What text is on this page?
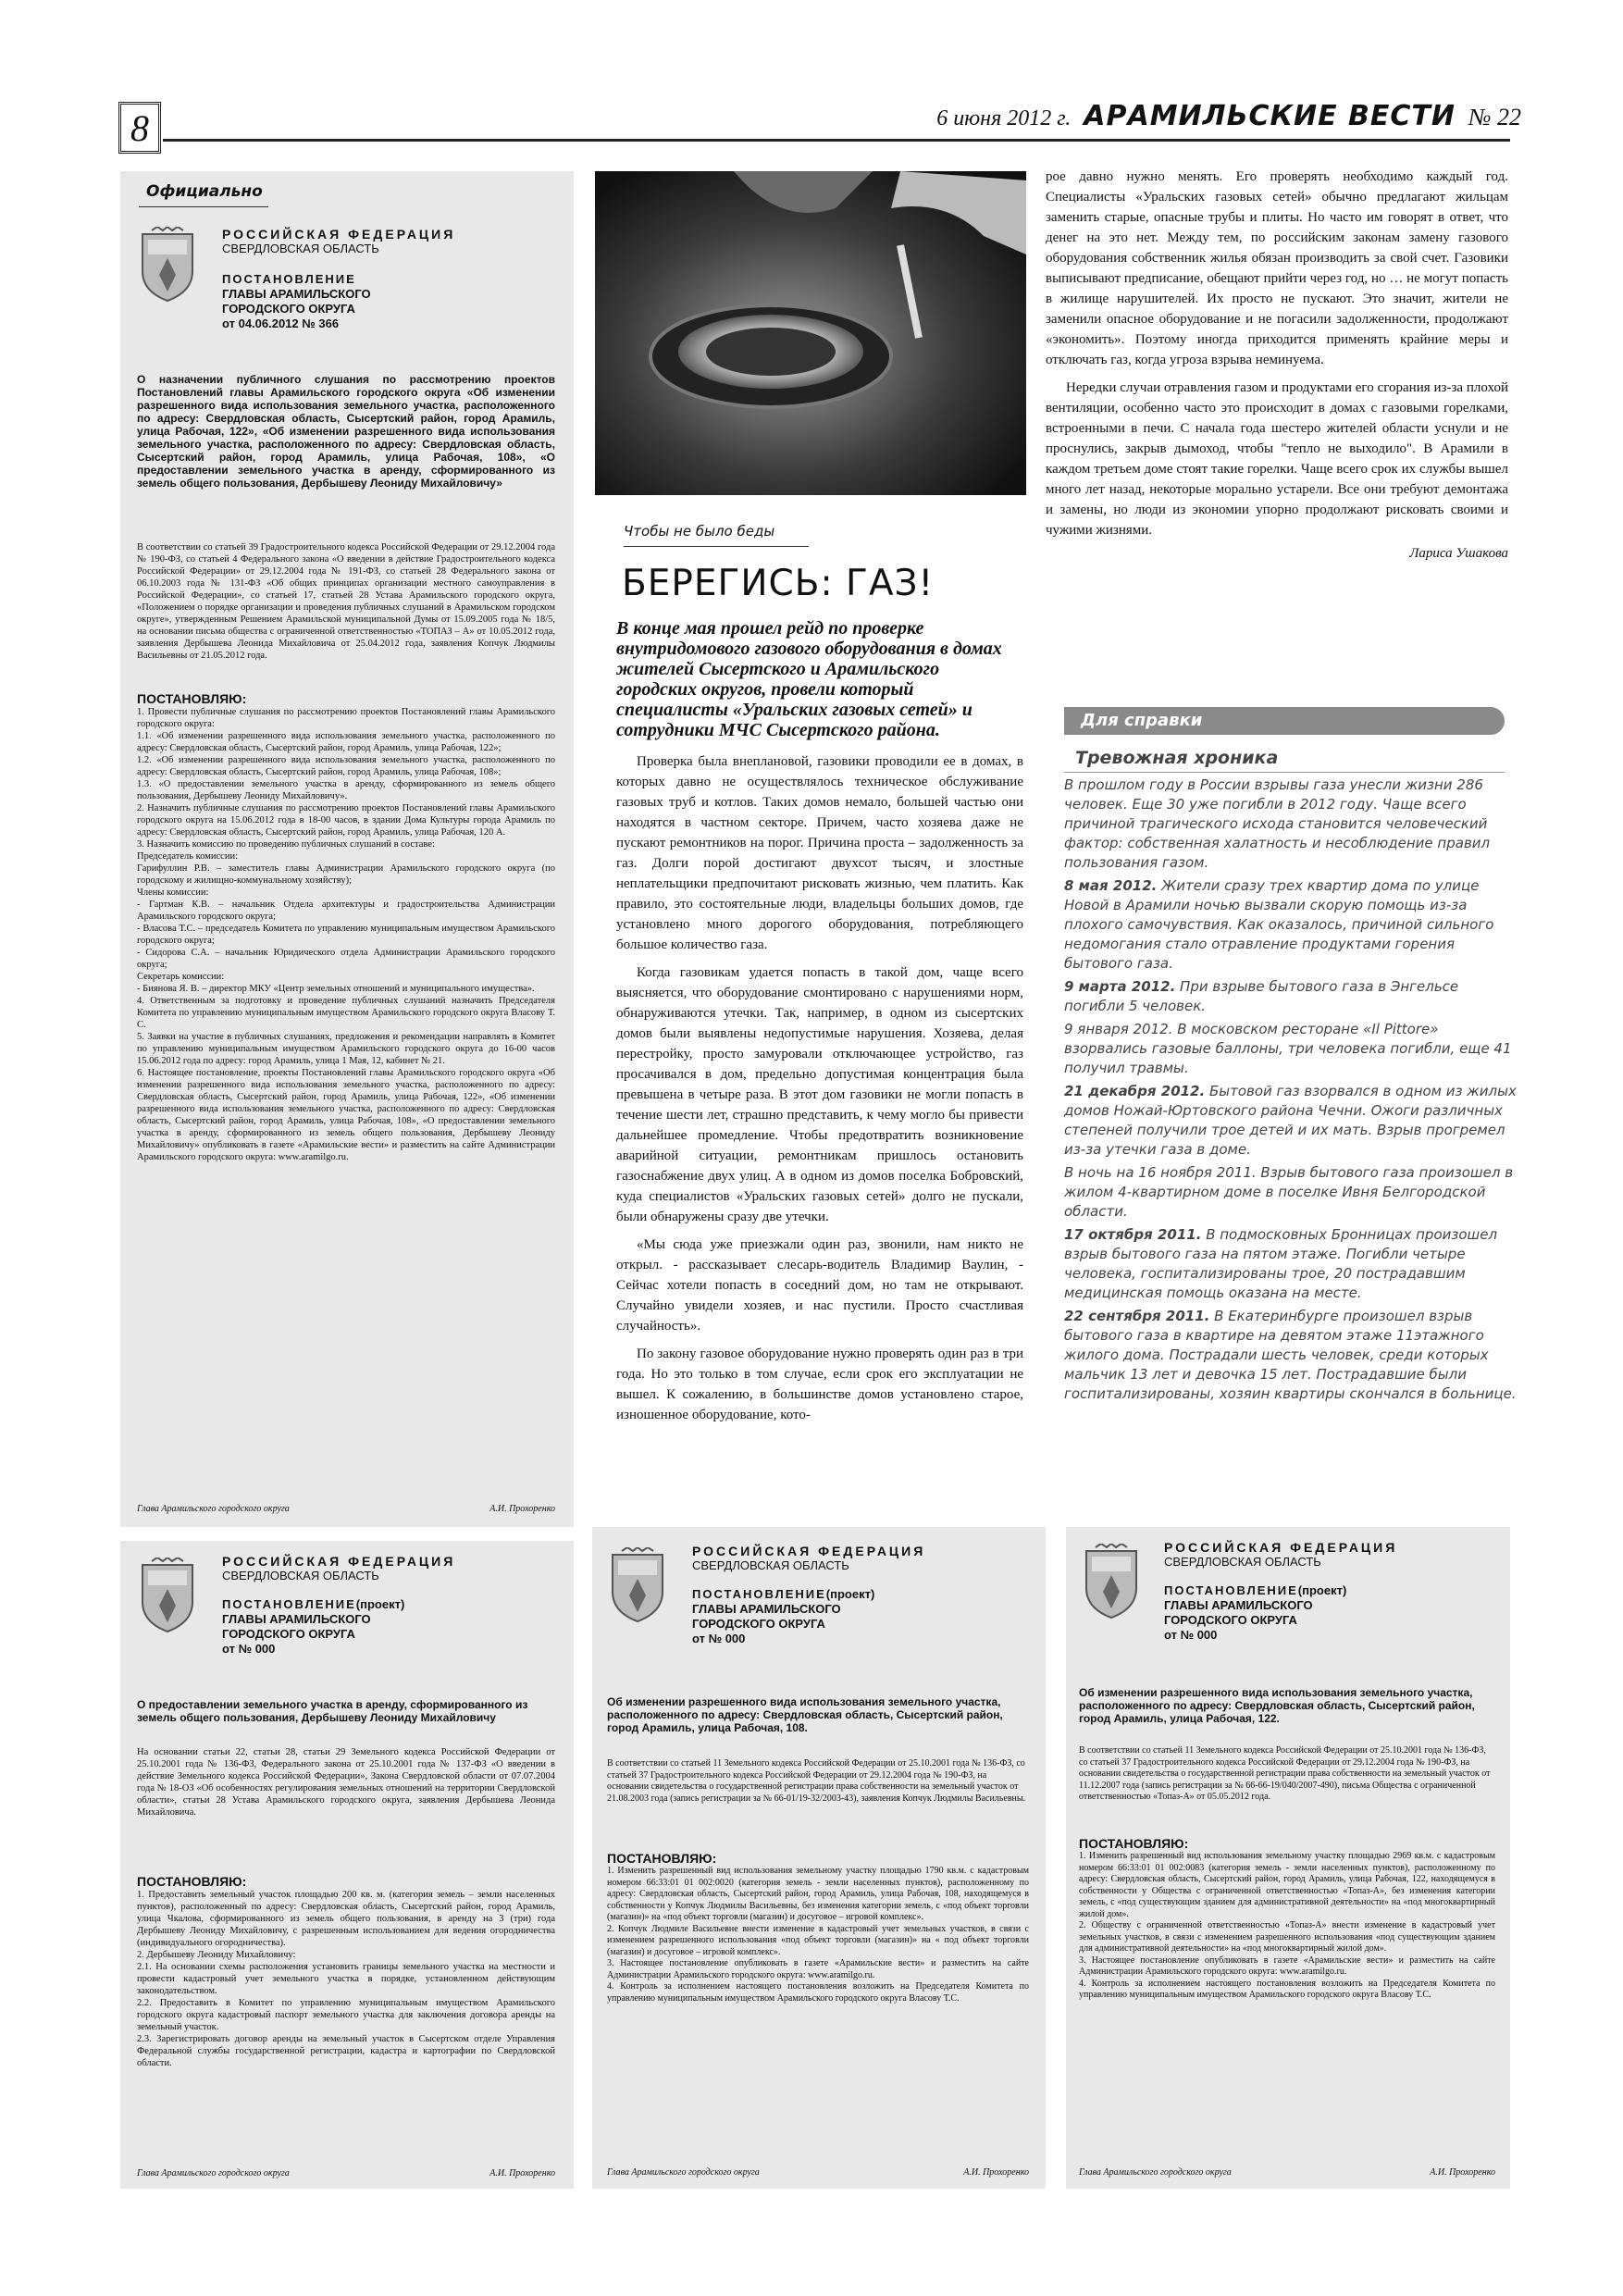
8	6 июня 2012 г. АРАМИЛЬСКИЕ ВЕСТИ № 22
Официально
РОССИЙСКАЯ ФЕДЕРАЦИЯ
СВЕРДЛОВСКАЯ ОБЛАСТЬ
ПОСТАНОВЛЕНИЕ
ГЛАВЫ АРАМИЛЬСКОГО ГОРОДСКОГО ОКРУГА
от 04.06.2012 № 366
О назначении публичного слушания по рассмотрению проектов Постановлений главы Арамильского городского округа «Об изменении разрешенного вида использования земельного участка, расположенного по адресу: Свердловская область, Сысертский район, город Арамиль, улица Рабочая, 122», «Об изменении разрешенного вида использования земельного участка, расположенного по адресу: Свердловская область, Сысертский район, город Арамиль, улица Рабочая, 108», «О предоставлении земельного участка в аренду, сформированного из земель общего пользования, Дербышеву Леониду Михайловичу»
В соответствии со статьей 39 Градостроительного кодекса Российской Федерации от 29.12.2004 года № 190-ФЗ, со статьей 4 Федерального закона «О введении в действие Градостроительного кодекса Российской Федерации» от 29.12.2004 года № 191-ФЗ, со статьей 28 Федерального закона от 06.10.2003 года № 131-ФЗ «Об общих принципах организации местного самоуправления в Российской Федерации», со статьей 17, статьей 28 Устава Арамильского городского округа, «Положением о порядке организации и проведения публичных слушаний в Арамильском городском округе», утвержденным Решением Арамильской муниципальной Думы от 15.09.2005 года № 18/5, на основании письма общества с ограниченной ответственностью «ТОПАЗ – А» от 10.05.2012 года, заявления Дербышева Леонида Михайловича от 25.04.2012 года, заявления Копчук Людмилы Васильевны от 21.05.2012 года.
ПОСТАНОВЛЯЮ:
1. Провести публичные слушания по рассмотрению проектов Постановлений главы Арамильского городского округа:
1.1. «Об изменении разрешенного вида использования земельного участка, расположенного по адресу: Свердловская область, Сысертский район, город Арамиль, улица Рабочая, 122»;
1.2. «Об изменении разрешенного вида использования земельного участка, расположенного по адресу: Свердловская область, Сысертский район, город Арамиль, улица Рабочая, 108»;
1.3. «О предоставлении земельного участка в аренду, сформированного из земель общего пользования, Дербышеву Леониду Михайловичу».
2. Назначить публичные слушания по рассмотрению проектов Постановлений главы Арамильского городского округа на 15.06.2012 года в 18-00 часов, в здании Дома Культуры города Арамиль по адресу: Свердловская область, Сысертский район, город Арамиль, улица Рабочая, 120 А.
3. Назначить комиссию по проведению публичных слушаний в составе:
Председатель комиссии:
Гарифуллин Р.В. – заместитель главы Администрации Арамильского городского округа (по городскому и жилищно-коммунальному хозяйству);
Члены комиссии:
- Гартман К.В. – начальник Отдела архитектуры и градостроительства Администрации Арамильского городского округа;
- Власова Т.С. – председатель Комитета по управлению муниципальным имуществом Арамильского городского округа;
- Сидорова С.А. – начальник Юридического отдела Администрации Арамильского городского округа;
Секретарь комиссии:
- Биянова Я. В. – директор МКУ «Центр земельных отношений и муниципального имущества».
4. Ответственным за подготовку и проведение публичных слушаний назначить Председателя Комитета по управлению муниципальным имуществом Арамильского городского округа Власову Т. С.
5. Заявки на участие в публичных слушаниях, предложения и рекомендации направлять в Комитет по управлению муниципальным имуществом Арамильского городского округа до 16-00 часов 15.06.2012 года по адресу: город Арамиль, улица 1 Мая, 12, кабинет № 21.
6. Настоящее постановление, проекты Постановлений главы Арамильского городского округа «Об изменении разрешенного вида использования земельного участка, расположенного по адресу: Свердловская область, Сысертский район, город Арамиль, улица Рабочая, 122», «Об изменении разрешенного вида использования земельного участка, расположенного по адресу: Свердловская область, Сысертский район, город Арамиль, улица Рабочая, 108», «О предоставлении земельного участка в аренду, сформированного из земель общего пользования, Дербышеву Леониду Михайловичу» опубликовать в газете «Арамильские вести» и разместить на сайте Администрации Арамильского городского округа: www.aramilgo.ru.
Глава Арамильского городского округа	А.И. Прохоренко
Чтобы не было беды
БЕРЕГИСЬ: ГАЗ!
В конце мая прошел рейд по проверке внутридомового газового оборудования в домах жителей Сысертского и Арамильского городских округов, провели который специалисты «Уральских газовых сетей» и сотрудники МЧС Сысертского района.

Проверка была внеплановой, газовики проводили ее в домах, в которых давно не осуществлялось техническое обслуживание газовых труб и котлов. Таких домов немало, большей частью они находятся в частном секторе. Причем, часто хозяева даже не пускают ремонтников на порог. Причина проста – задолженность за газ. Долги порой достигают двухсот тысяч, и злостные неплательщики предпочитают рисковать жизнью, чем платить. Как правило, это состоятельные люди, владельцы больших домов, где установлено много дорогого оборудования, потребляющего большое количество газа.

Когда газовикам удается попасть в такой дом, чаще всего выясняется, что оборудование смонтировано с нарушениями норм, обнаруживаются утечки. Так, например, в одном из сысертских домов были выявлены недопустимые нарушения. Хозяева, делая перестройку, просто замуровали отключающее устройство, газ просачивался в дом, предельно допустимая концентрация была превышена в четыре раза. В этот дом газовики не могли попасть в течение шести лет, страшно представить, к чему могло бы привести дальнейшее промедление. Чтобы предотвратить возникновение аварийной ситуации, ремонтникам пришлось остановить газоснабжение двух улиц. А в одном из домов поселка Бобровский, куда специалистов «Уральских газовых сетей» долго не пускали, были обнаружены сразу две утечки.

«Мы сюда уже приезжали один раз, звонили, нам никто не открыл. - рассказывает слесарь-водитель Владимир Ваулин, - Сейчас хотели попасть в соседний дом, но там не открывают. Случайно увидели хозяев, и нас пустили. Просто счастливая случайность».

По закону газовое оборудование нужно проверять один раз в три года. Но это только в том случае, если срок его эксплуатации не вышел. К сожалению, в большинстве домов установлено старое, изношенное оборудование, кото-

рое давно нужно менять. Его проверять необходимо каждый год. Специалисты «Уральских газовых сетей» обычно предлагают жильцам заменить старые, опасные трубы и плиты. Но часто им говорят в ответ, что денег на это нет. Между тем, по российским законам замену газового оборудования собственник жилья обязан производить за свой счет. Газовики выписывают предписание, обещают прийти через год, но … не могут попасть в жилище нарушителей. Их просто не пускают. Это значит, жители не заменили опасное оборудование и не погасили задолженности, продолжают «экономить». Поэтому иногда приходится применять крайние меры и отключать газ, когда угроза взрыва неминуема.

Нередки случаи отравления газом и продуктами его сгорания из-за плохой вентиляции, особенно часто это происходит в домах с газовыми горелками, встроенными в печи. С начала года шестеро жителей области уснули и не проснулись, закрыв дымоход, чтобы "тепло не выходило". В Арамили в каждом третьем доме стоят такие горелки. Чаще всего срок их службы вышел много лет назад, некоторые морально устарели. Все они требуют демонтажа и замены, но люди из экономии упорно продолжают рисковать своими и чужими жизнями.

Лариса Ушакова
Для справки
Тревожная хроника
В прошлом году в России взрывы газа унесли жизни 286 человек. Еще 30 уже погибли в 2012 году. Чаще всего причиной трагического исхода становится человеческий фактор: собственная халатность и несоблюдение правил пользования газом.
8 мая 2012. Жители сразу трех квартир дома по улице Новой в Арамили ночью вызвали скорую помощь из-за плохого самочувствия. Как оказалось, причиной сильного недомогания стало отравление продуктами горения бытового газа.
9 марта 2012. При взрыве бытового газа в Энгельсе погибли 5 человек.
9 января 2012. В московском ресторане «Il Pittore» взорвались газовые баллоны, три человека погибли, еще 41 получил травмы.
21 декабря 2012. Бытовой газ взорвался в одном из жилых домов Ножай-Юртовского района Чечни. Ожоги различных степеней получили трое детей и их мать. Взрыв прогремел из-за утечки газа в доме.
В ночь на 16 ноября 2011. Взрыв бытового газа произошел в жилом 4-квартирном доме в поселке Ивня Белгородской области.
17 октября 2011. В подмосковных Бронницах произошел взрыв бытового газа на пятом этаже. Погибли четыре человека, госпитализированы трое, 20 пострадавшим медицинская помощь оказана на месте.
22 сентября 2011. В Екатеринбурге произошел взрыв бытового газа в квартире на девятом этаже 11этажного жилого дома. Пострадали шесть человек, среди которых мальчик 13 лет и девочка 15 лет. Пострадавшие были госпитализированы, хозяин квартиры скончался в больнице.
РОССИЙСКАЯ ФЕДЕРАЦИЯ
СВЕРДЛОВСКАЯ ОБЛАСТЬ
ПОСТАНОВЛЕНИЕ(проект)
ГЛАВЫ АРАМИЛЬСКОГО ГОРОДСКОГО ОКРУГА
от № 000
О предоставлении земельного участка в аренду, сформированного из земель общего пользования, Дербышеву Леониду Михайловичу
На основании статьи 22, статьи 28, статьи 29 Земельного кодекса Российской Федерации от 25.10.2001 года № 136-ФЗ, Федерального закона от 25.10.2001 года № 137-ФЗ «О введении в действие Земельного кодекса Российской Федерации», Закона Свердловской области от 07.07.2004 года № 18-ОЗ «Об особенностях регулирования земельных отношений на территории Свердловской области», статьи 28 Устава Арамильского городского округа, заявления Дербышева Леонида Михайловича.
ПОСТАНОВЛЯЮ:
1. Предоставить земельный участок площадью 200 кв. м. (категория земель – земли населенных пунктов), расположенный по адресу: Свердловская область, Сысертский район, город Арамиль, улица Чкалова, сформированного из земель общего пользования, в аренду на 3 (три) года Дербышеву Леониду Михайловичу, с разрешенным использованием для ведения огородничества (индивидуального огородничества).
2. Дербышеву Леониду Михайловичу:
2.1. На основании схемы расположения установить границы земельного участка на местности и провести кадастровый учет земельного участка в порядке, установленном действующим законодательством.
2.2. Предоставить в Комитет по управлению муниципальным имуществом Арамильского городского округа кадастровый паспорт земельного участка для заключения договора аренды на земельный участок.
2.3. Зарегистрировать договор аренды на земельный участок в Сысертском отделе Управления Федеральной службы государственной регистрации, кадастра и картографии по Свердловской области.
Глава Арамильского городского округа	А.И. Прохоренко
РОССИЙСКАЯ ФЕДЕРАЦИЯ
СВЕРДЛОВСКАЯ ОБЛАСТЬ
ПОСТАНОВЛЕНИЕ(проект)
ГЛАВЫ АРАМИЛЬСКОГО ГОРОДСКОГО ОКРУГА
от № 000
Об изменении разрешенного вида использования земельного участка, расположенного по адресу: Свердловская область, Сысертский район, город Арамиль, улица Рабочая, 108.
В соответствии со статьей 11 Земельного кодекса Российской Федерации от 25.10.2001 года № 136-ФЗ, со статьей 37 Градостроительного кодекса Российской Федерации от 29.12.2004 года № 190-ФЗ, на основании свидетельства о государственной регистрации права собственности на земельный участок от 21.08.2003 года (запись регистрации за № 66-01/19-32/2003-43), заявления Копчук Людмилы Васильевны.
ПОСТАНОВЛЯЮ:
1. Изменить разрешенный вид использования земельному участку площадью 1790 кв.м. с кадастровым номером 66:33:01 01 002:0020 (категория земель - земли населенных пунктов), расположенному по адресу: Свердловская область, Сысертский район, город Арамиль, улица Рабочая, 108, находящемуся в собственности у Копчук Людмилы Васильевны, без изменения категории земель, с «под объект торговли (магазин)» на «под объект торговли (магазин) и досуговое – игровой комплекс».
2. Копчук Людмиле Васильевне внести изменение в кадастровый учет земельных участков, в связи с изменением разрешенного использования «под объект торговли (магазин)» на « под объект торговли (магазин) и досуговое – игровой комплекс».
3. Настоящее постановление опубликовать в газете «Арамильские вести» и разместить на сайте Администрации Арамильского городского округа: www.aramilgo.ru.
4. Контроль за исполнением настоящего постановления возложить на Председателя Комитета по управлению муниципальным имуществом Арамильского городского округа Власову Т.С.
Глава Арамильского городского округа	А.И. Прохоренко
РОССИЙСКАЯ ФЕДЕРАЦИЯ
СВЕРДЛОВСКАЯ ОБЛАСТЬ
ПОСТАНОВЛЕНИЕ(проект)
ГЛАВЫ АРАМИЛЬСКОГО ГОРОДСКОГО ОКРУГА
от № 000
Об изменении разрешенного вида использования земельного участка, расположенного по адресу: Свердловская область, Сысертский район, город Арамиль, улица Рабочая, 122.
В соответствии со статьей 11 Земельного кодекса Российской Федерации от 25.10.2001 года № 136-ФЗ, со статьей 37 Градостроительного кодекса Российской Федерации от 29.12.2004 года № 190-ФЗ, на основании свидетельства о государственной регистрации права собственности на земельный участок от 11.12.2007 года (запись регистрации за № 66-66-19/040/2007-490), письма Общества с ограниченной ответственностью «Топаз-А» от 05.05.2012 года.
ПОСТАНОВЛЯЮ:
1. Изменить разрешенный вид использования земельному участку площадью 2969 кв.м. с кадастровым номером 66:33:01 01 002:0083 (категория земель - земли населенных пунктов), расположенному по адресу: Свердловская область, Сысертский район, город Арамиль, улица Рабочая, 122, находящемуся в собственности у Общества с ограниченной ответственностью «Топаз-А», без изменения категории земель, с «под существующим зданием для административной деятельности» на «под многоквартирный жилой дом».
2. Обществу с ограниченной ответственностью «Топаз-А» внести изменение в кадастровый учет земельных участков, в связи с изменением разрешенного использования «под существующим зданием для административной деятельности» на «под многоквартирный жилой дом».
3. Настоящее постановление опубликовать в газете «Арамильские вести» и разместить на сайте Администрации Арамильского городского округа: www.aramilgo.ru.
4. Контроль за исполнением настоящего постановления возложить на Председателя Комитета по управлению муниципальным имуществом Арамильского городского округа Власову Т.С.
Глава Арамильского городского округа	А.И. Прохоренко
